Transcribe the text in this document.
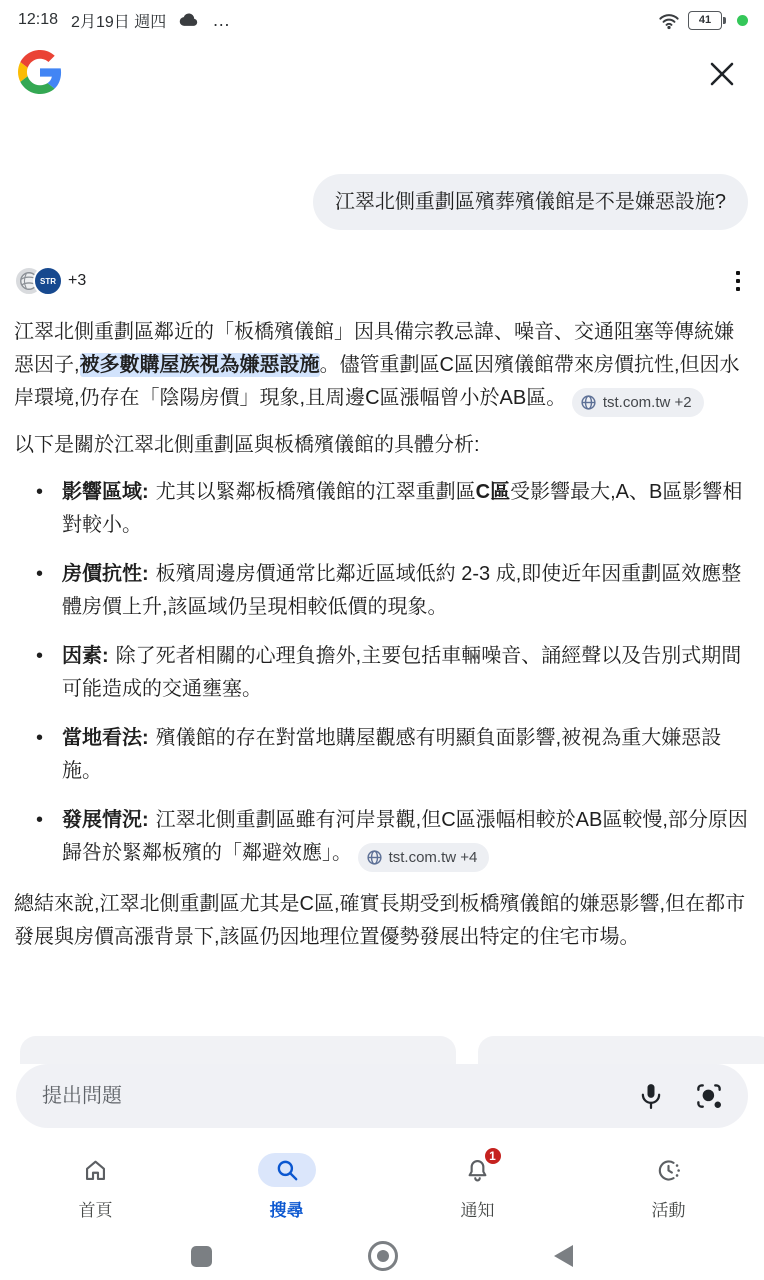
12:18 2月19日 週四	…	41
江翠北側重劃區殯葬殯儀館是不是嫌惡設施?
STR +3

江翠北側重劃區鄰近的「板橋殯儀館」因具備宗教忌諱、噪音、交通阻塞等傳統嫌惡因子,被多數購屋族視為嫌惡設施。儘管重劃區C區因殯儀館帶來房價抗性,但因水岸環境,仍存在「陰陽房價」現象,且周邊C區漲幅曾小於AB區。 tst.com.tw +2

以下是關於江翠北側重劃區與板橋殯儀館的具體分析:

• 影響區域: 尤其以緊鄰板橋殯儀館的江翠重劃區C區受影響最大,A、B區影響相對較小。
• 房價抗性: 板殯周邊房價通常比鄰近區域低約 2-3 成,即使近年因重劃區效應整體房價上升,該區域仍呈現相較低價的現象。
• 因素: 除了死者相關的心理負擔外,主要包括車輛噪音、誦經聲以及告別式期間可能造成的交通壅塞。
• 當地看法: 殯儀館的存在對當地購屋觀感有明顯負面影響,被視為重大嫌惡設施。
• 發展情況: 江翠北側重劃區雖有河岸景觀,但C區漲幅相較於AB區較慢,部分原因歸咎於緊鄰板殯的「鄰避效應」。 tst.com.tw +4

總結來說,江翠北側重劃區尤其是C區,確實長期受到板橋殯儀館的嫌惡影響,但在都市發展與房價高漲背景下,該區仍因地理位置優勢發展出特定的住宅市場。

提出問題
首頁	搜尋
1
通知	活動
